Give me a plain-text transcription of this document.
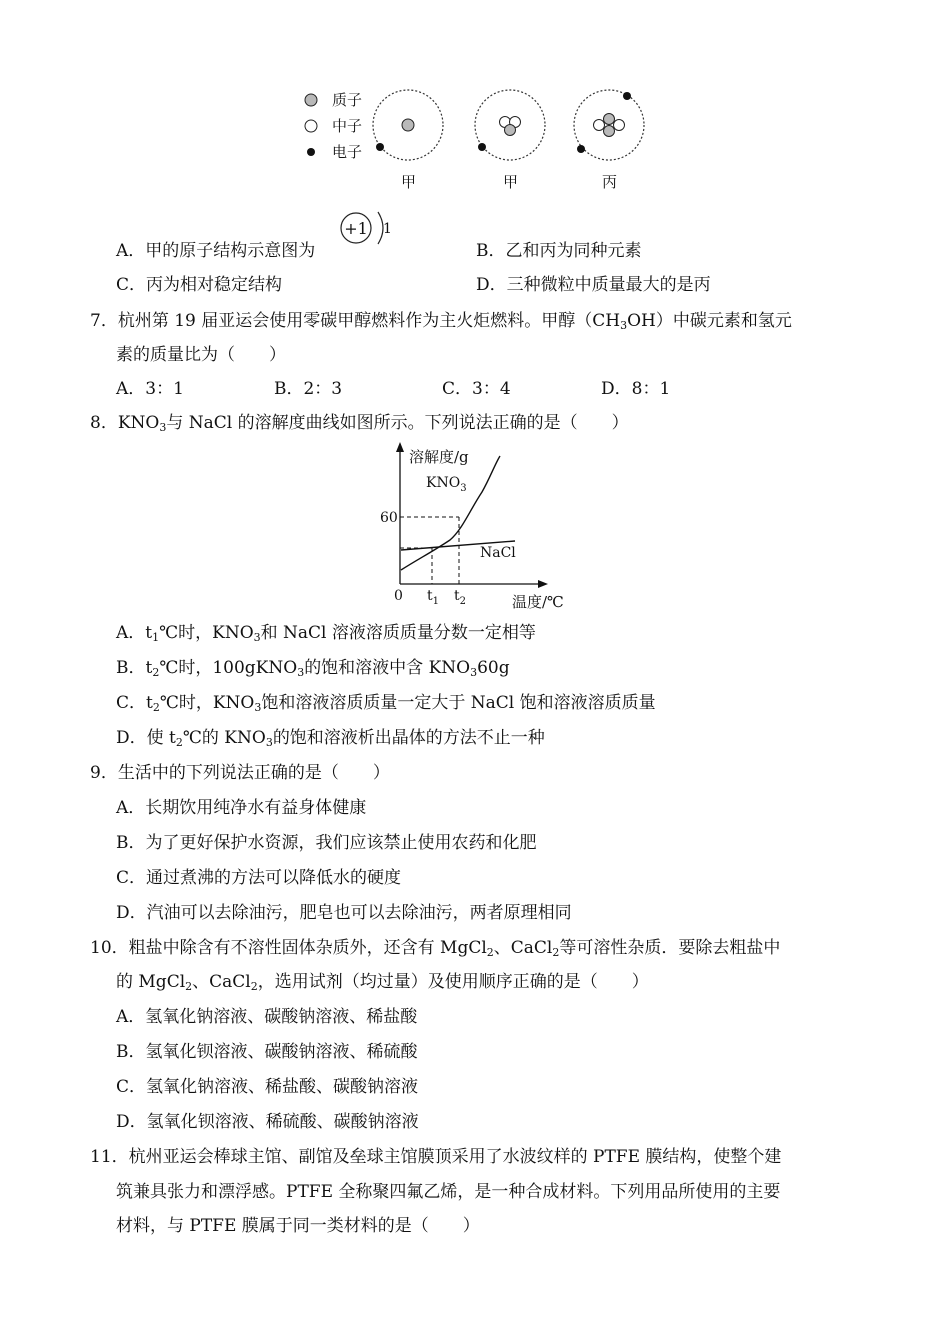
质子
中子
电子
甲	甲	丙
A．甲的原子结构示意图为
+1 1
B．乙和丙为同种元素
C．丙为相对稳定结构	D．三种微粒中质量最大的是丙
7．杭州第 19 届亚运会使用零碳甲醇燃料作为主火炬燃料。甲醇$(CH_3OH)$中碳元素和氢元
素的质量比为（　　）
A．3：1	B．2：3	C．3：4	D．8：1
8．$KNO_3$与 NaCl 的溶解度曲线如图所示。下列说法正确的是（　　）
溶解度/g
温度/℃
0
60
$t_1$ $t_2$
$KNO_3$
NaCl
A．$t_1℃$时，$KNO_3$和 NaCl 溶液溶质质量分数一定相等
B．$t_2℃$时，100gKNO$_3$的饱和溶液中含 $KNO_360g$
C．$t_2℃$时，$KNO_3$饱和溶液溶质质量一定大于 NaCl 饱和溶液溶质质量
D．使 $t_2℃$的 $KNO_3$的饱和溶液析出晶体的方法不止一种
9．生活中的下列说法正确的是（　　）
A．长期饮用纯净水有益身体健康
B．为了更好保护水资源，我们应该禁止使用农药和化肥
C．通过煮沸的方法可以降低水的硬度
D．汽油可以去除油污，肥皂也可以去除油污，两者原理相同
10．粗盐中除含有不溶性固体杂质外，还含有 MgCl$_2$、CaCl$_2$等可溶性杂质．要除去粗盐中
的 MgCl$_2$、CaCl$_2$，选用试剂（均过量）及使用顺序正确的是（　　）
A．氢氧化钠溶液、碳酸钠溶液、稀盐酸
B．氢氧化钡溶液、碳酸钠溶液、稀硫酸
C．氢氧化钠溶液、稀盐酸、碳酸钠溶液
D．氢氧化钡溶液、稀硫酸、碳酸钠溶液
11．杭州亚运会棒球主馆、副馆及垒球主馆膜顶采用了水波纹样的 PTFE 膜结构，使整个建
筑兼具张力和漂浮感。PTFE 全称聚四氟乙烯，是一种合成材料。下列用品所使用的主要
材料，与 PTFE 膜属于同一类材料的是（　　）
